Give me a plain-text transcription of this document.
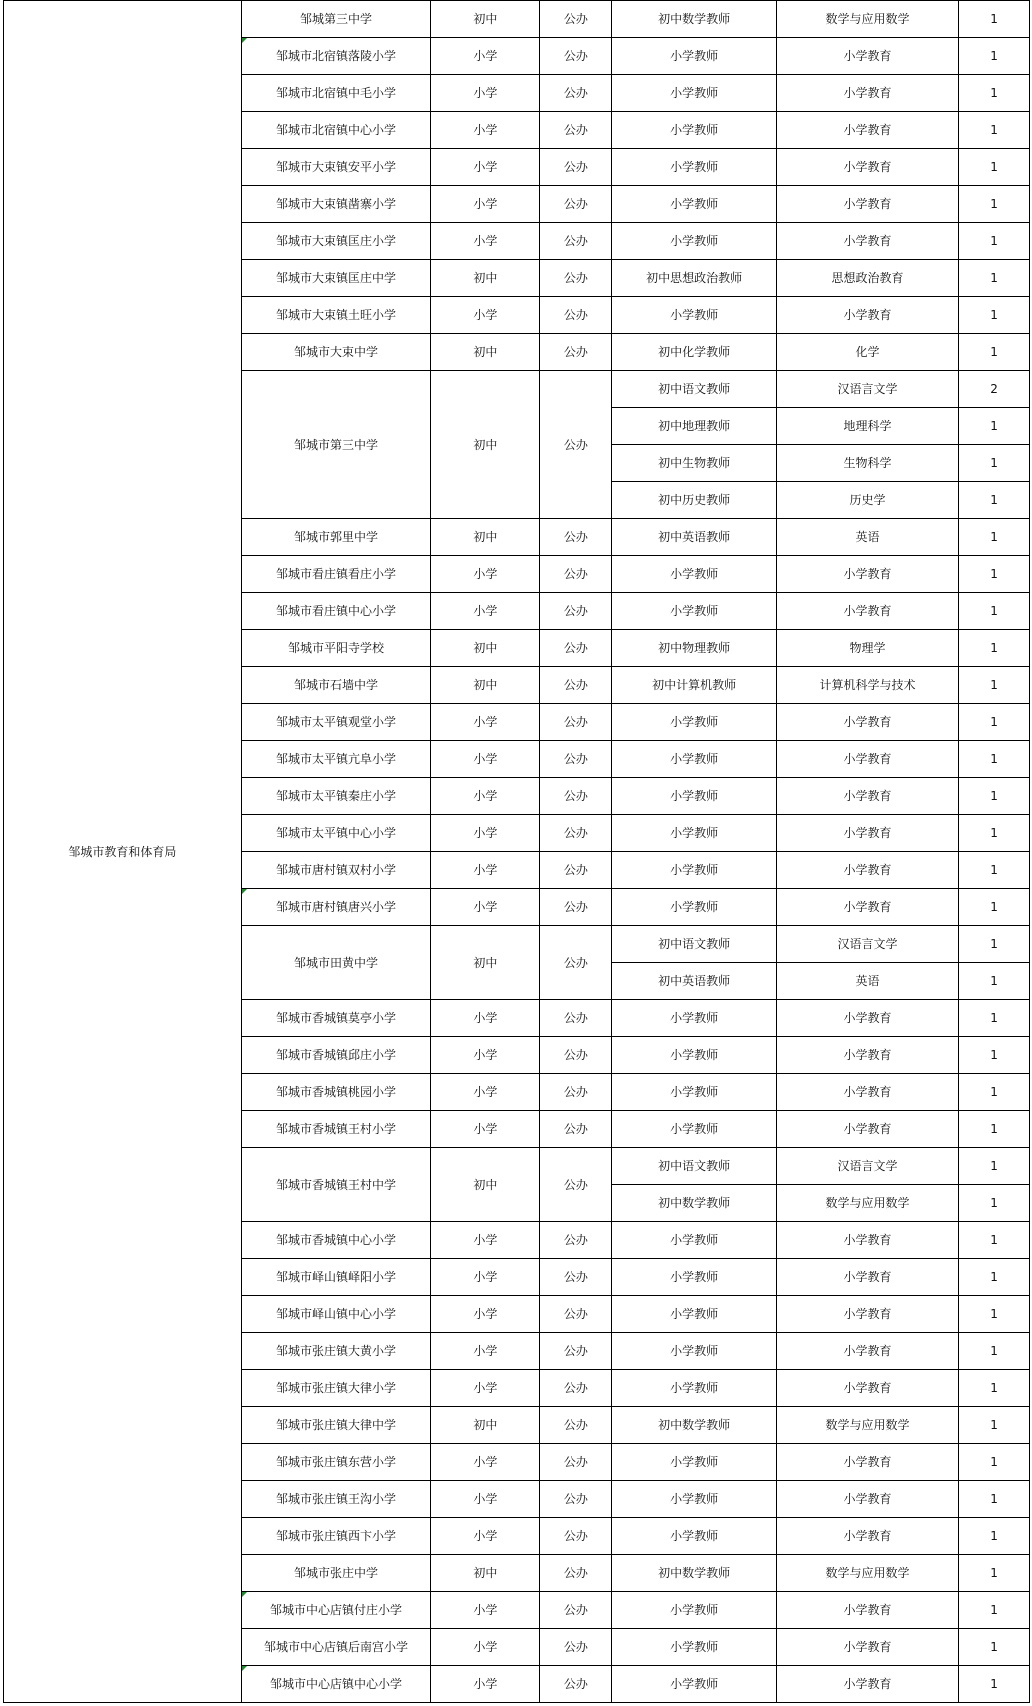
邹城市教育和体育局	邹城第三中学	初中	公办	初中数学教师	数学与应用数学	1
	邹城市北宿镇落陵小学	小学	公办	小学教师	小学教育	1
	邹城市北宿镇中毛小学	小学	公办	小学教师	小学教育	1
	邹城市北宿镇中心小学	小学	公办	小学教师	小学教育	1
	邹城市大束镇安平小学	小学	公办	小学教师	小学教育	1
	邹城市大束镇凿寨小学	小学	公办	小学教师	小学教育	1
	邹城市大束镇匡庄小学	小学	公办	小学教师	小学教育	1
	邹城市大束镇匡庄中学	初中	公办	初中思想政治教师	思想政治教育	1
	邹城市大束镇土旺小学	小学	公办	小学教师	小学教育	1
	邹城市大束中学	初中	公办	初中化学教师	化学	1
	邹城市第三中学	初中	公办	初中语文教师	汉语言文学	2
				初中地理教师	地理科学	1
				初中生物教师	生物科学	1
				初中历史教师	历史学	1
	邹城市郭里中学	初中	公办	初中英语教师	英语	1
	邹城市看庄镇看庄小学	小学	公办	小学教师	小学教育	1
	邹城市看庄镇中心小学	小学	公办	小学教师	小学教育	1
	邹城市平阳寺学校	初中	公办	初中物理教师	物理学	1
	邹城市石墙中学	初中	公办	初中计算机教师	计算机科学与技术	1
	邹城市太平镇观堂小学	小学	公办	小学教师	小学教育	1
	邹城市太平镇亢阜小学	小学	公办	小学教师	小学教育	1
	邹城市太平镇秦庄小学	小学	公办	小学教师	小学教育	1
	邹城市太平镇中心小学	小学	公办	小学教师	小学教育	1
	邹城市唐村镇双村小学	小学	公办	小学教师	小学教育	1
	邹城市唐村镇唐兴小学	小学	公办	小学教师	小学教育	1
	邹城市田黄中学	初中	公办	初中语文教师	汉语言文学	1
				初中英语教师	英语	1
	邹城市香城镇莫亭小学	小学	公办	小学教师	小学教育	1
	邹城市香城镇邱庄小学	小学	公办	小学教师	小学教育	1
	邹城市香城镇桃园小学	小学	公办	小学教师	小学教育	1
	邹城市香城镇王村小学	小学	公办	小学教师	小学教育	1
	邹城市香城镇王村中学	初中	公办	初中语文教师	汉语言文学	1
				初中数学教师	数学与应用数学	1
	邹城市香城镇中心小学	小学	公办	小学教师	小学教育	1
	邹城市峄山镇峄阳小学	小学	公办	小学教师	小学教育	1
	邹城市峄山镇中心小学	小学	公办	小学教师	小学教育	1
	邹城市张庄镇大黄小学	小学	公办	小学教师	小学教育	1
	邹城市张庄镇大律小学	小学	公办	小学教师	小学教育	1
	邹城市张庄镇大律中学	初中	公办	初中数学教师	数学与应用数学	1
	邹城市张庄镇东营小学	小学	公办	小学教师	小学教育	1
	邹城市张庄镇王沟小学	小学	公办	小学教师	小学教育	1
	邹城市张庄镇西卞小学	小学	公办	小学教师	小学教育	1
	邹城市张庄中学	初中	公办	初中数学教师	数学与应用数学	1
	邹城市中心店镇付庄小学	小学	公办	小学教师	小学教育	1
	邹城市中心店镇后南宫小学	小学	公办	小学教师	小学教育	1
	邹城市中心店镇中心小学	小学	公办	小学教师	小学教育	1
